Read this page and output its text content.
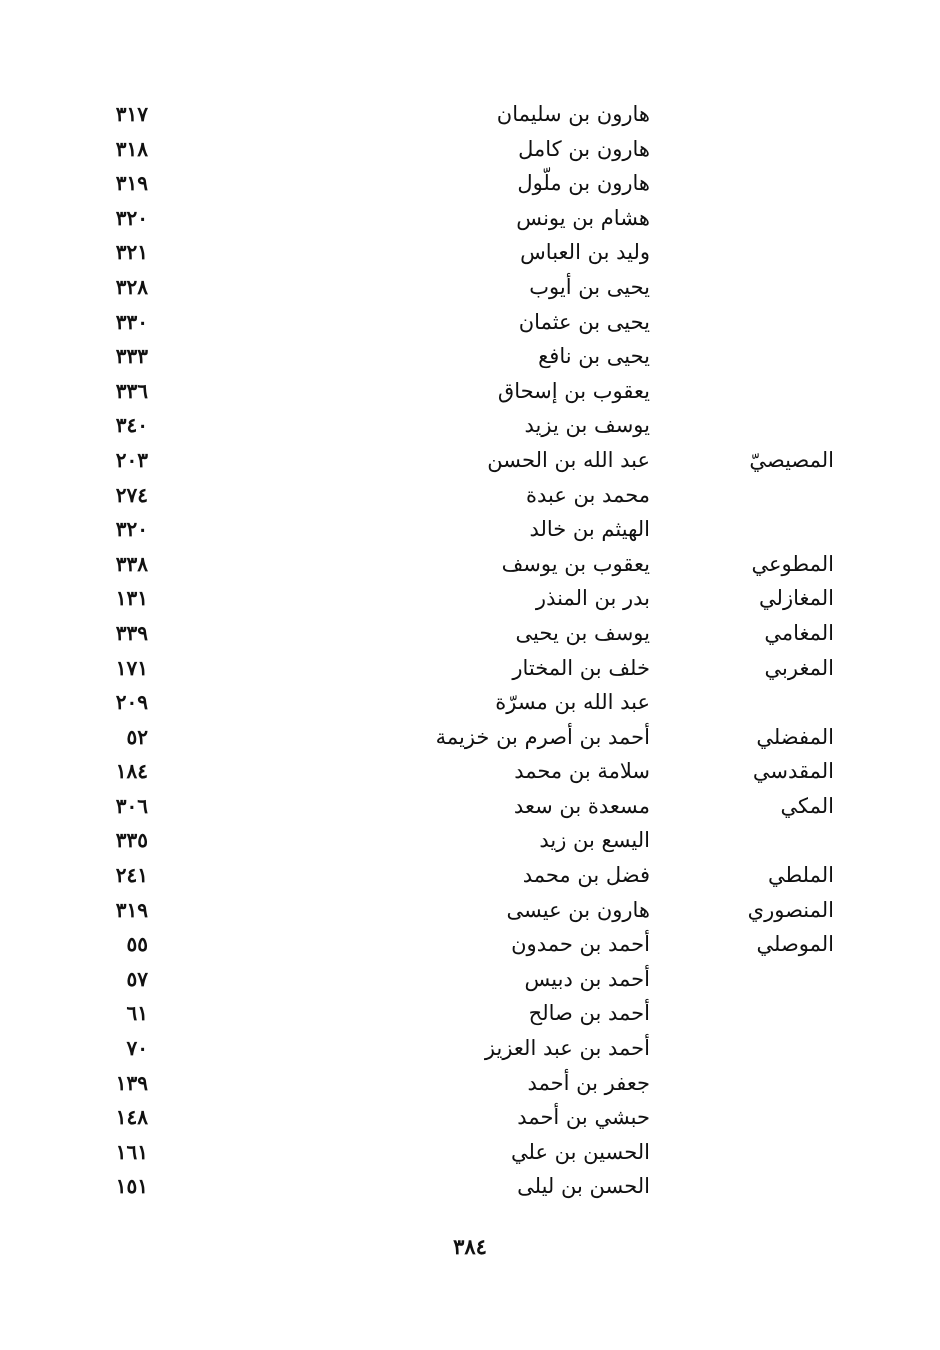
هارون بن سليمان
٣١٧
هارون بن كامل
٣١٨
هارون بن ملّول
٣١٩
هشام بن يونس
٣٢٠
وليد بن العباس
٣٢١
يحيى بن أيوب
٣٢٨
يحيى بن عثمان
٣٣٠
يحيى بن نافع
٣٣٣
يعقوب بن إسحاق
٣٣٦
يوسف بن يزيد
٣٤٠
المصيصيّ
عبد الله بن الحسن
٢٠٣
محمد بن عبدة
٢٧٤
الهيثم بن خالد
٣٢٠
المطوعي
يعقوب بن يوسف
٣٣٨
المغازلي
بدر بن المنذر
١٣١
المغامي
يوسف بن يحيى
٣٣٩
المغربي
خلف بن المختار
١٧١
عبد الله بن مسرّة
٢٠٩
المفضلي
أحمد بن أصرم بن خزيمة
٥٢
المقدسي
سلامة بن محمد
١٨٤
المكي
مسعدة بن سعد
٣٠٦
اليسع بن زيد
٣٣٥
الملطي
فضل بن محمد
٢٤١
المنصوري
هارون بن عيسى
٣١٩
الموصلي
أحمد بن حمدون
٥٥
أحمد بن دبيس
٥٧
أحمد بن صالح
٦١
أحمد بن عبد العزيز
٧٠
جعفر بن أحمد
١٣٩
حبشي بن أحمد
١٤٨
الحسين بن علي
١٦١
الحسن بن ليلى
١٥١
٣٨٤
